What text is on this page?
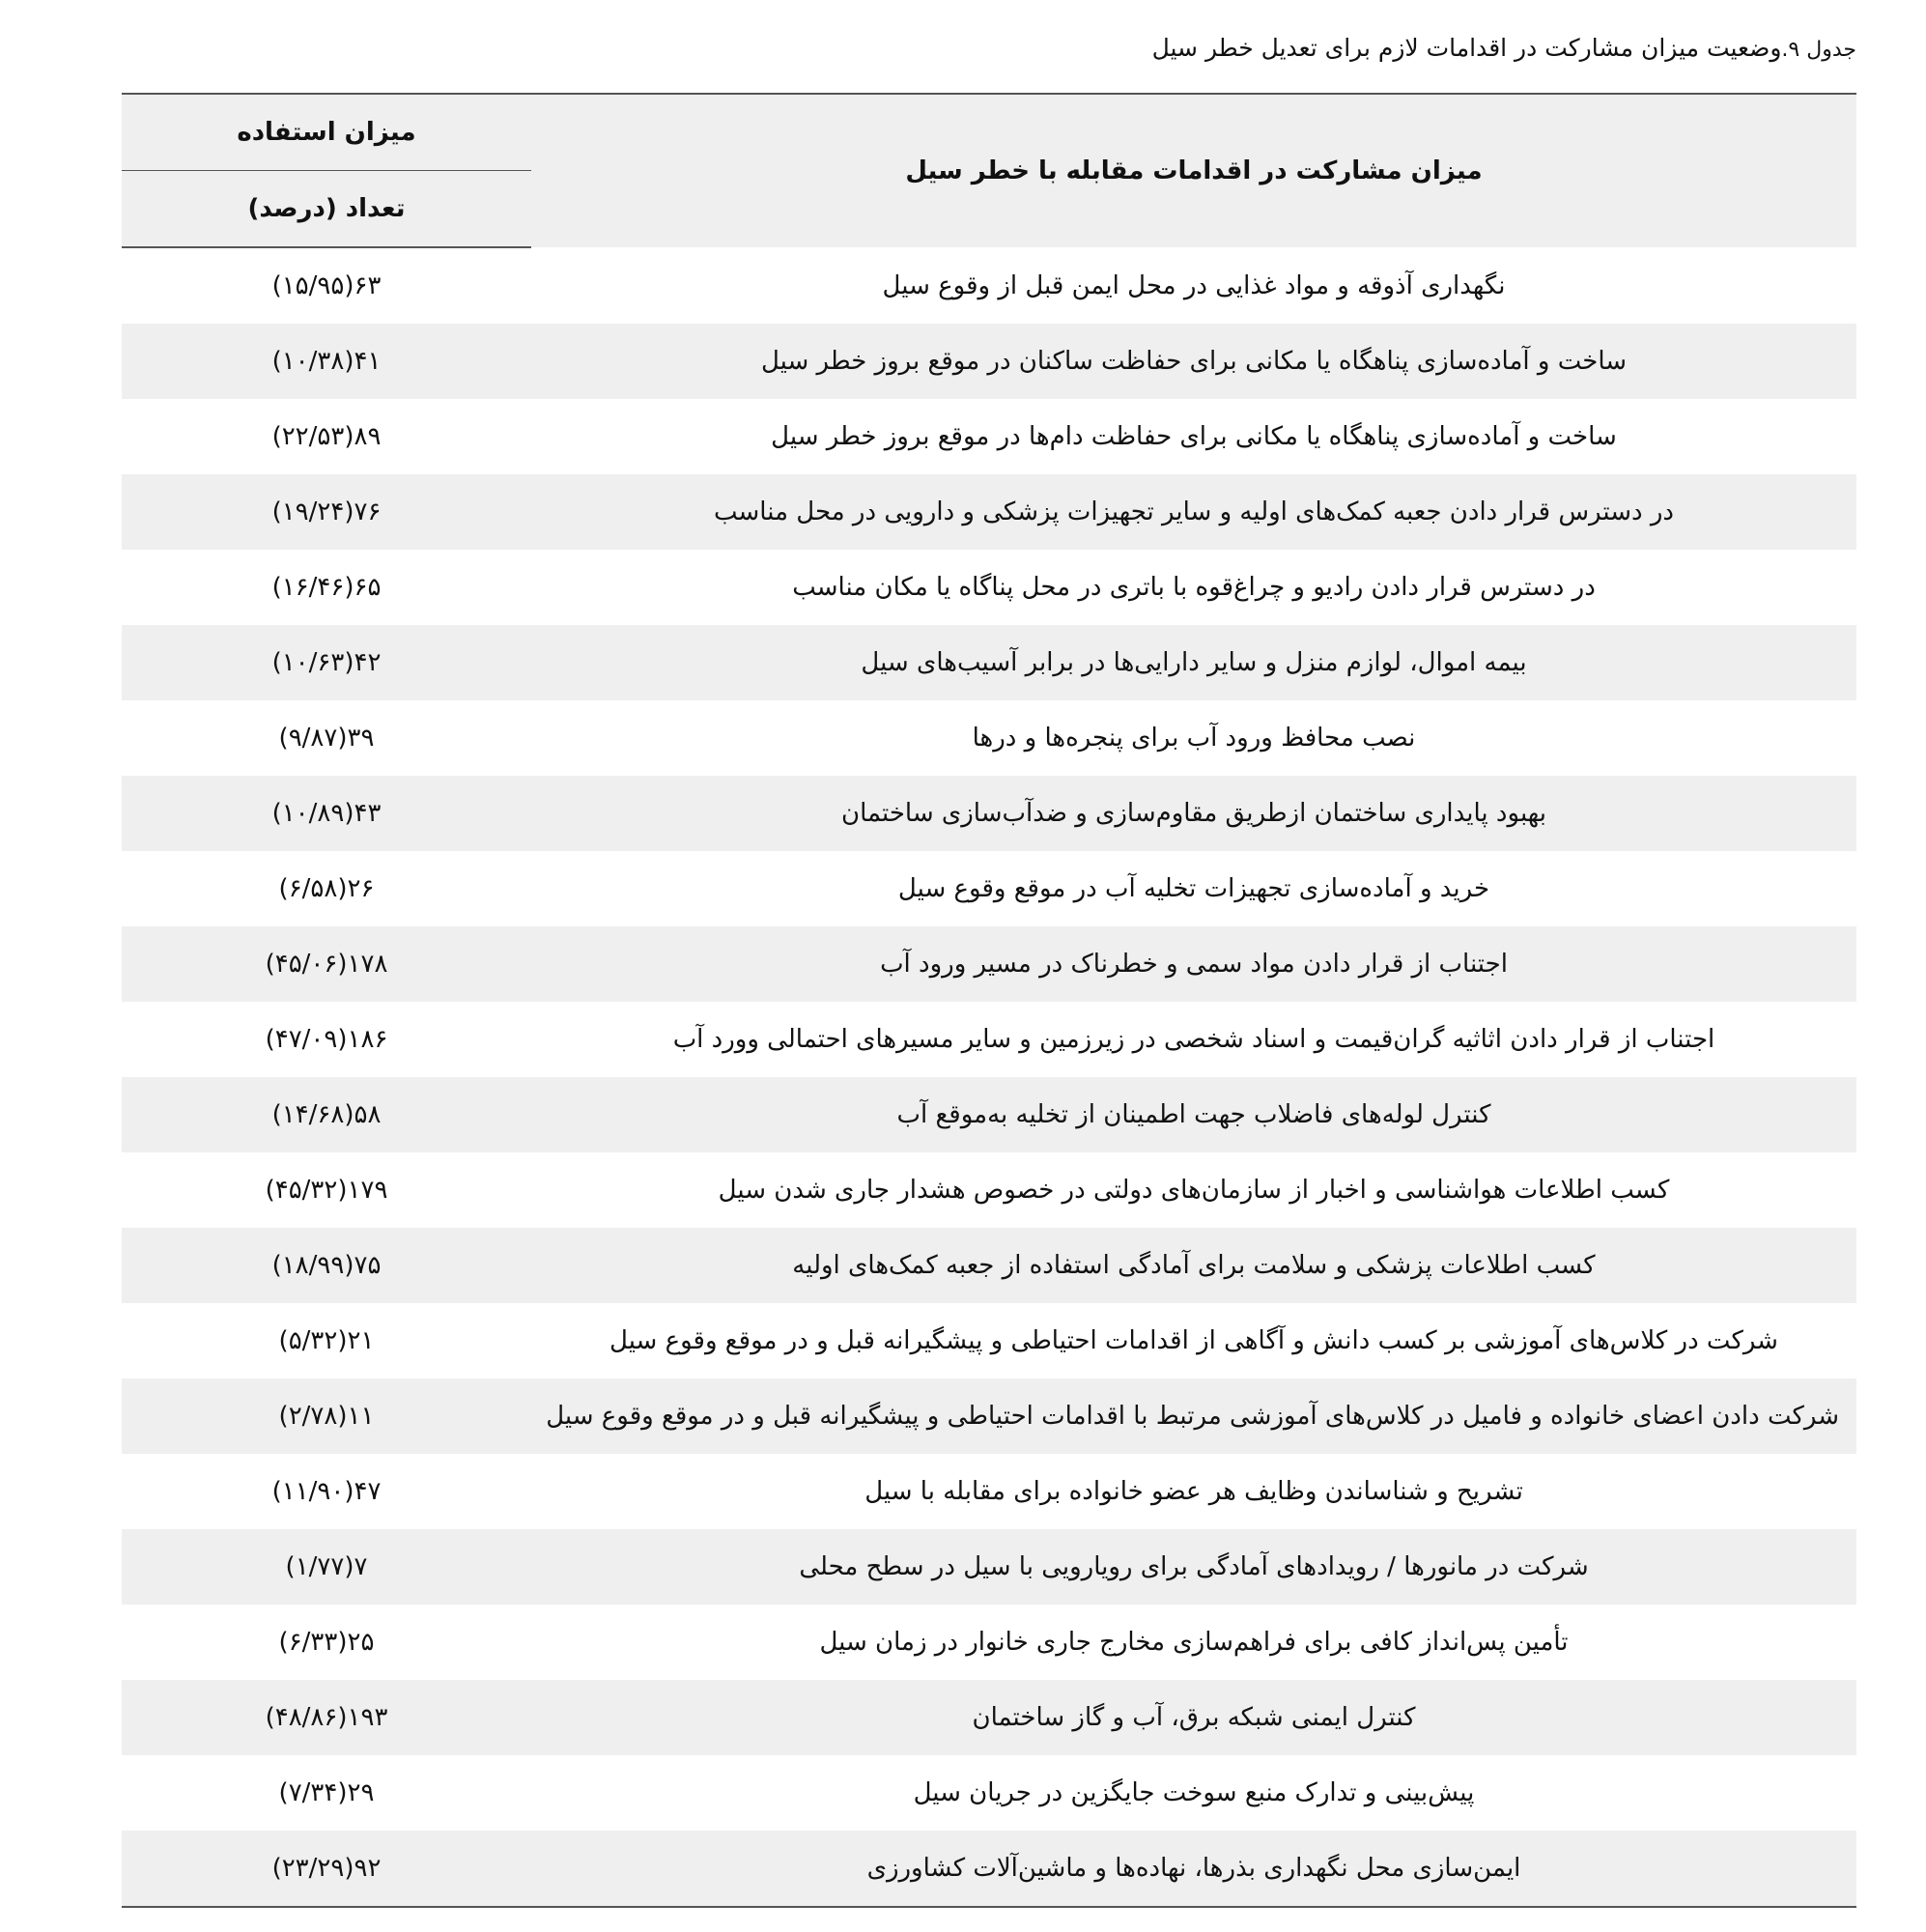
جدول ۹.وضعیت میزان مشارکت در اقدامات لازم برای تعدیل خطر سیل
میزان مشارکت در اقدامات مقابله با خطر سیل	میزان استفاده
	تعداد (درصد)
نگهداری آذوقه و مواد غذایی در محل ایمن قبل از وقوع سیل	۶۳(۱۵/۹۵)
ساخت و آماده‌سازی پناهگاه یا مکانی برای حفاظت ساکنان در موقع بروز خطر سیل	۴۱(۱۰/۳۸)
ساخت و آماده‌سازی پناهگاه یا مکانی برای حفاظت دام‌ها در موقع بروز خطر سیل	۸۹(۲۲/۵۳)
در دسترس قرار دادن جعبه کمک‌های اولیه و سایر تجهیزات پزشکی و دارویی در محل مناسب	۷۶(۱۹/۲۴)
در دسترس قرار دادن رادیو و چراغ‌قوه با باتری در محل پناگاه یا مکان مناسب	۶۵(۱۶/۴۶)
بیمه اموال، لوازم منزل و سایر دارایی‌ها در برابر آسیب‌های سیل	۴۲(۱۰/۶۳)
نصب محافظ ورود آب برای پنجره‌ها و درها	۳۹(۹/۸۷)
بهبود پایداری ساختمان ازطریق مقاوم‌سازی و ضدآب‌سازی ساختمان	۴۳(۱۰/۸۹)
خرید و آماده‌سازی تجهیزات تخلیه آب در موقع وقوع سیل	۲۶(۶/۵۸)
اجتناب از قرار دادن مواد سمی و خطرناک در مسیر ورود آب	۱۷۸(۴۵/۰۶)
اجتناب از قرار دادن اثاثیه گران‌قیمت و اسناد شخصی در زیرزمین و سایر مسیرهای احتمالی وورد آب	۱۸۶(۴۷/۰۹)
کنترل لوله‌های فاضلاب جهت اطمینان از تخلیه به‌موقع آب	۵۸(۱۴/۶۸)
کسب اطلاعات هواشناسی و اخبار از سازمان‌های دولتی در خصوص هشدار جاری شدن سیل	۱۷۹(۴۵/۳۲)
کسب اطلاعات پزشکی و سلامت برای آمادگی استفاده از جعبه کمک‌های اولیه	۷۵(۱۸/۹۹)
شرکت در کلاس‌های آموزشی بر کسب دانش و آگاهی از اقدامات احتیاطی و پیشگیرانه قبل و در موقع وقوع سیل	۲۱(۵/۳۲)
شرکت دادن اعضای خانواده و فامیل در کلاس‌های آموزشی مرتبط با اقدامات احتیاطی و پیشگیرانه قبل و در موقع وقوع سیل	۱۱(۲/۷۸)
تشریح و شناساندن وظایف هر عضو خانواده برای مقابله با سیل	۴۷(۱۱/۹۰)
شرکت در مانورها / رویدادهای آمادگی برای رویارویی با سیل در سطح محلی	۷(۱/۷۷)
تأمین پس‌انداز کافی برای فراهم‌سازی مخارج جاری خانوار در زمان سیل	۲۵(۶/۳۳)
کنترل ایمنی شبکه برق، آب و گاز ساختمان	۱۹۳(۴۸/۸۶)
پیش‌بینی و تدارک منبع سوخت جایگزین در جریان سیل	۲۹(۷/۳۴)
ایمن‌سازی محل نگهداری بذرها، نهاده‌ها و ماشین‌آلات کشاورزی	۹۲(۲۳/۲۹)
